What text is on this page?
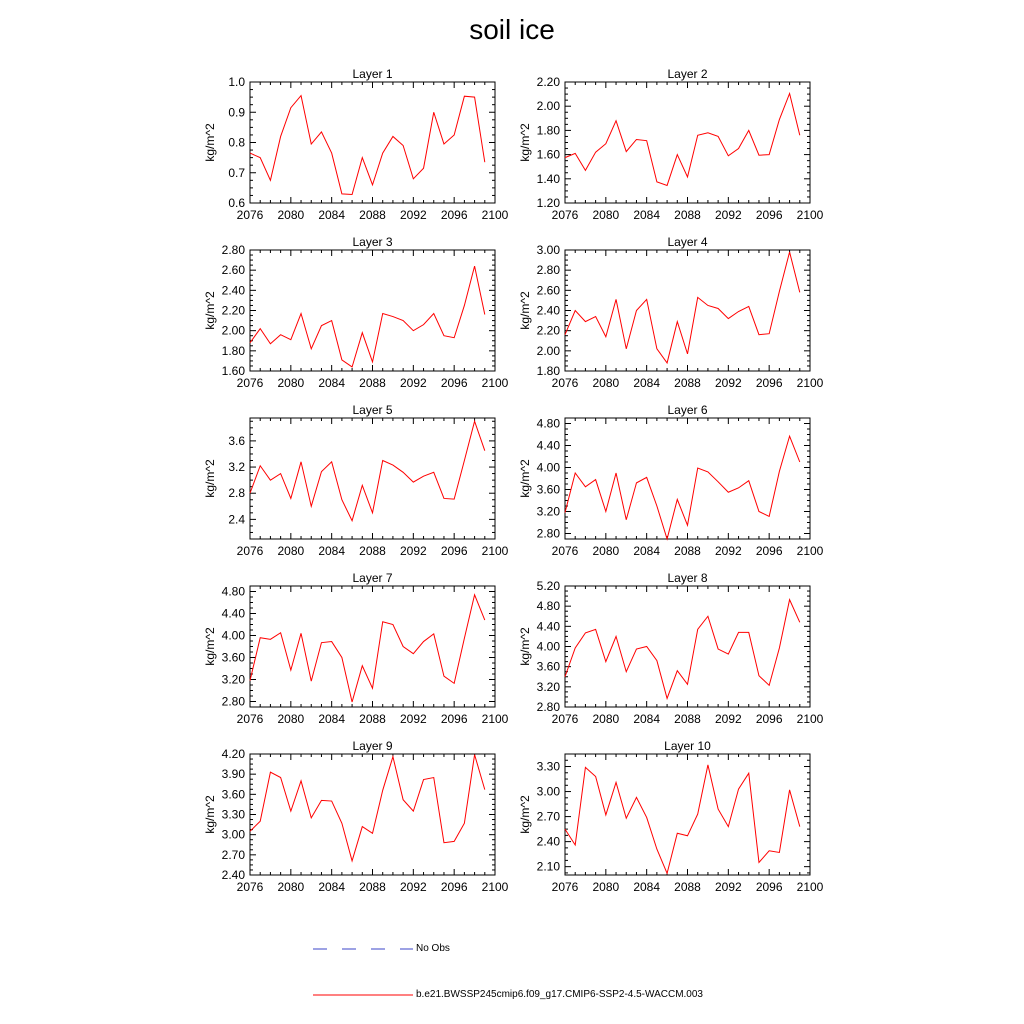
soil ice
Layer 1
kg/m^2
2076 2080 2084 2088 2092 2096 2100
0.6
0.7
0.8
0.9
1.0
Layer 2
kg/m^2
2076 2080 2084 2088 2092 2096 2100
1.20
1.40
1.60
1.80
2.00
2.20
Layer 3
kg/m^2
2076 2080 2084 2088 2092 2096 2100
1.60
1.80
2.00
2.20
2.40
2.60
2.80
Layer 4
kg/m^2
2076 2080 2084 2088 2092 2096 2100
1.80
2.00
2.20
2.40
2.60
2.80
3.00
Layer 5
kg/m^2
2076 2080 2084 2088 2092 2096 2100
2.4
2.8
3.2
3.6
Layer 6
kg/m^2
2076 2080 2084 2088 2092 2096 2100
2.80
3.20
3.60
4.00
4.40
4.80
Layer 7
kg/m^2
2076 2080 2084 2088 2092 2096 2100
2.80
3.20
3.60
4.00
4.40
4.80
Layer 8
kg/m^2
2076 2080 2084 2088 2092 2096 2100
2.80
3.20
3.60
4.00
4.40
4.80
5.20
Layer 9
kg/m^2
2076 2080 2084 2088 2092 2096 2100
2.40
2.70
3.00
3.30
3.60
3.90
4.20
Layer 10
kg/m^2
2076 2080 2084 2088 2092 2096 2100
2.10
2.40
2.70
3.00
3.30
No Obs
b.e21.BWSSP245cmip6.f09_g17.CMIP6-SSP2-4.5-WACCM.003
